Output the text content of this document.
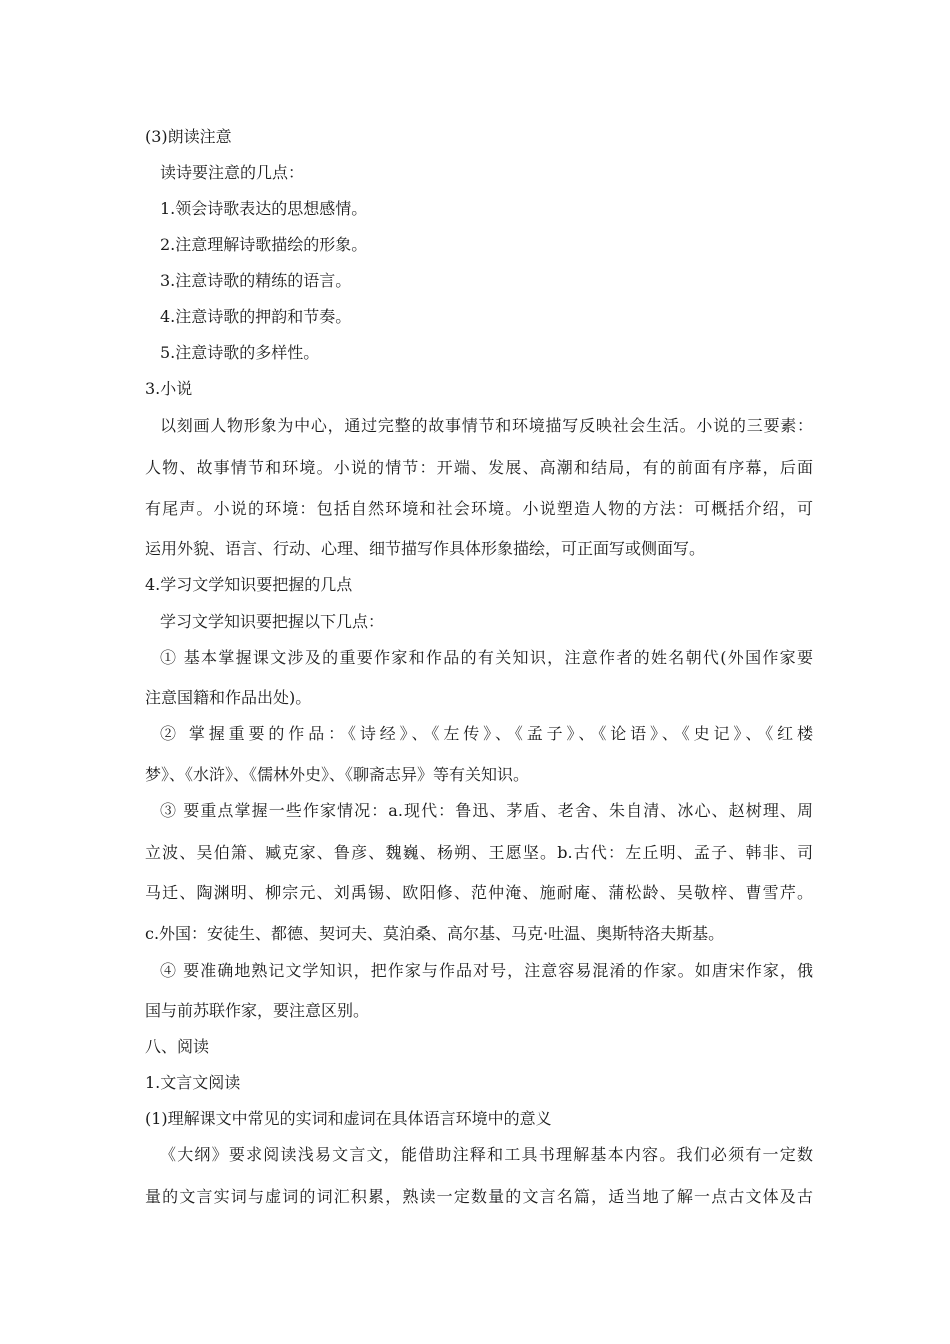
(3)朗读注意
读诗要注意的几点：
1.领会诗歌表达的思想感情。
2.注意理解诗歌描绘的形象。
3.注意诗歌的精练的语言。
4.注意诗歌的押韵和节奏。
5.注意诗歌的多样性。
3.小说
以刻画人物形象为中心，通过完整的故事情节和环境描写反映社会生活。小说的三要素：
人物、故事情节和环境。小说的情节：开端、发展、高潮和结局，有的前面有序幕，后面
有尾声。小说的环境：包括自然环境和社会环境。小说塑造人物的方法：可概括介绍，可
运用外貌、语言、行动、心理、细节描写作具体形象描绘，可正面写或侧面写。
4.学习文学知识要把握的几点
学习文学知识要把握以下几点：
① 基本掌握课文涉及的重要作家和作品的有关知识，注意作者的姓名朝代(外国作家要
注意国籍和作品出处)。
② 掌握重要的作品：《诗经》、《左传》、《孟子》、《论语》、《史记》、《红楼
梦》、《水浒》、《儒林外史》、《聊斋志异》等有关知识。
③ 要重点掌握一些作家情况：a.现代：鲁迅、茅盾、老舍、朱自清、冰心、赵树理、周
立波、吴伯箫、臧克家、鲁彦、魏巍、杨朔、王愿坚。b.古代：左丘明、孟子、韩非、司
马迁、陶渊明、柳宗元、刘禹锡、欧阳修、范仲淹、施耐庵、蒲松龄、吴敬梓、曹雪芹。
c.外国：安徒生、都德、契诃夫、莫泊桑、高尔基、马克·吐温、奥斯特洛夫斯基。
④ 要准确地熟记文学知识，把作家与作品对号，注意容易混淆的作家。如唐宋作家，俄
国与前苏联作家，要注意区别。
八、阅读
1.文言文阅读
(1)理解课文中常见的实词和虚词在具体语言环境中的意义
《大纲》要求阅读浅易文言文，能借助注释和工具书理解基本内容。我们必须有一定数
量的文言实词与虚词的词汇积累，熟读一定数量的文言名篇，适当地了解一点古文体及古
